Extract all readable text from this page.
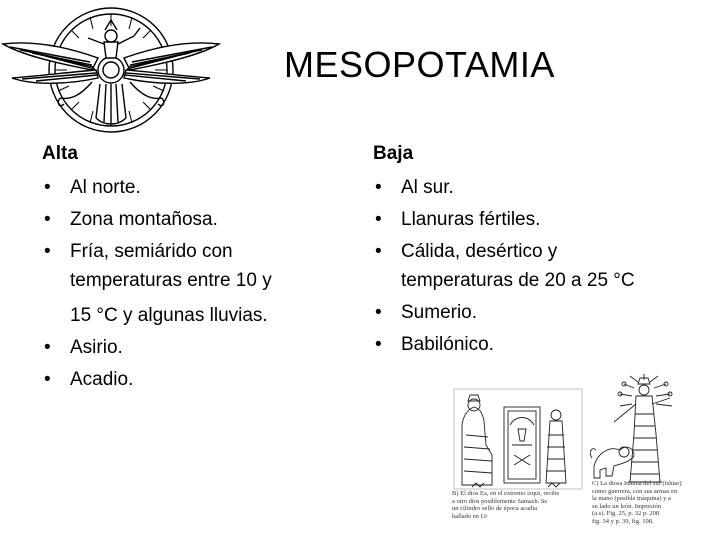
MESOPOTAMIA
Alta
• Al norte.
• Zona montañosa.
• Fría, semiárido con
temperaturas entre 10 y
15 °C y algunas lluvias.
• Asirio.
• Acadio.
Baja
• Al sur.
• Llanuras fértiles.
• Cálida, desértico y
temperaturas de 20 a 25 °C
• Sumerio.
• Babilónico.
B) El dios Ea, en el extremo izqui, recibe
a otro dios posiblemente Samash. Se
un cilindro sello de época acadia
hallado en Ur
C) La diosa Inanna del sur (Ishtar)
como guerrera, con sus armas en
la mano (posible máquina) y a
su lado un león. Impresión
(a.s). Fig. 25, p. 32 p. 208
fig. 34 y p. 39, fig. 108.
